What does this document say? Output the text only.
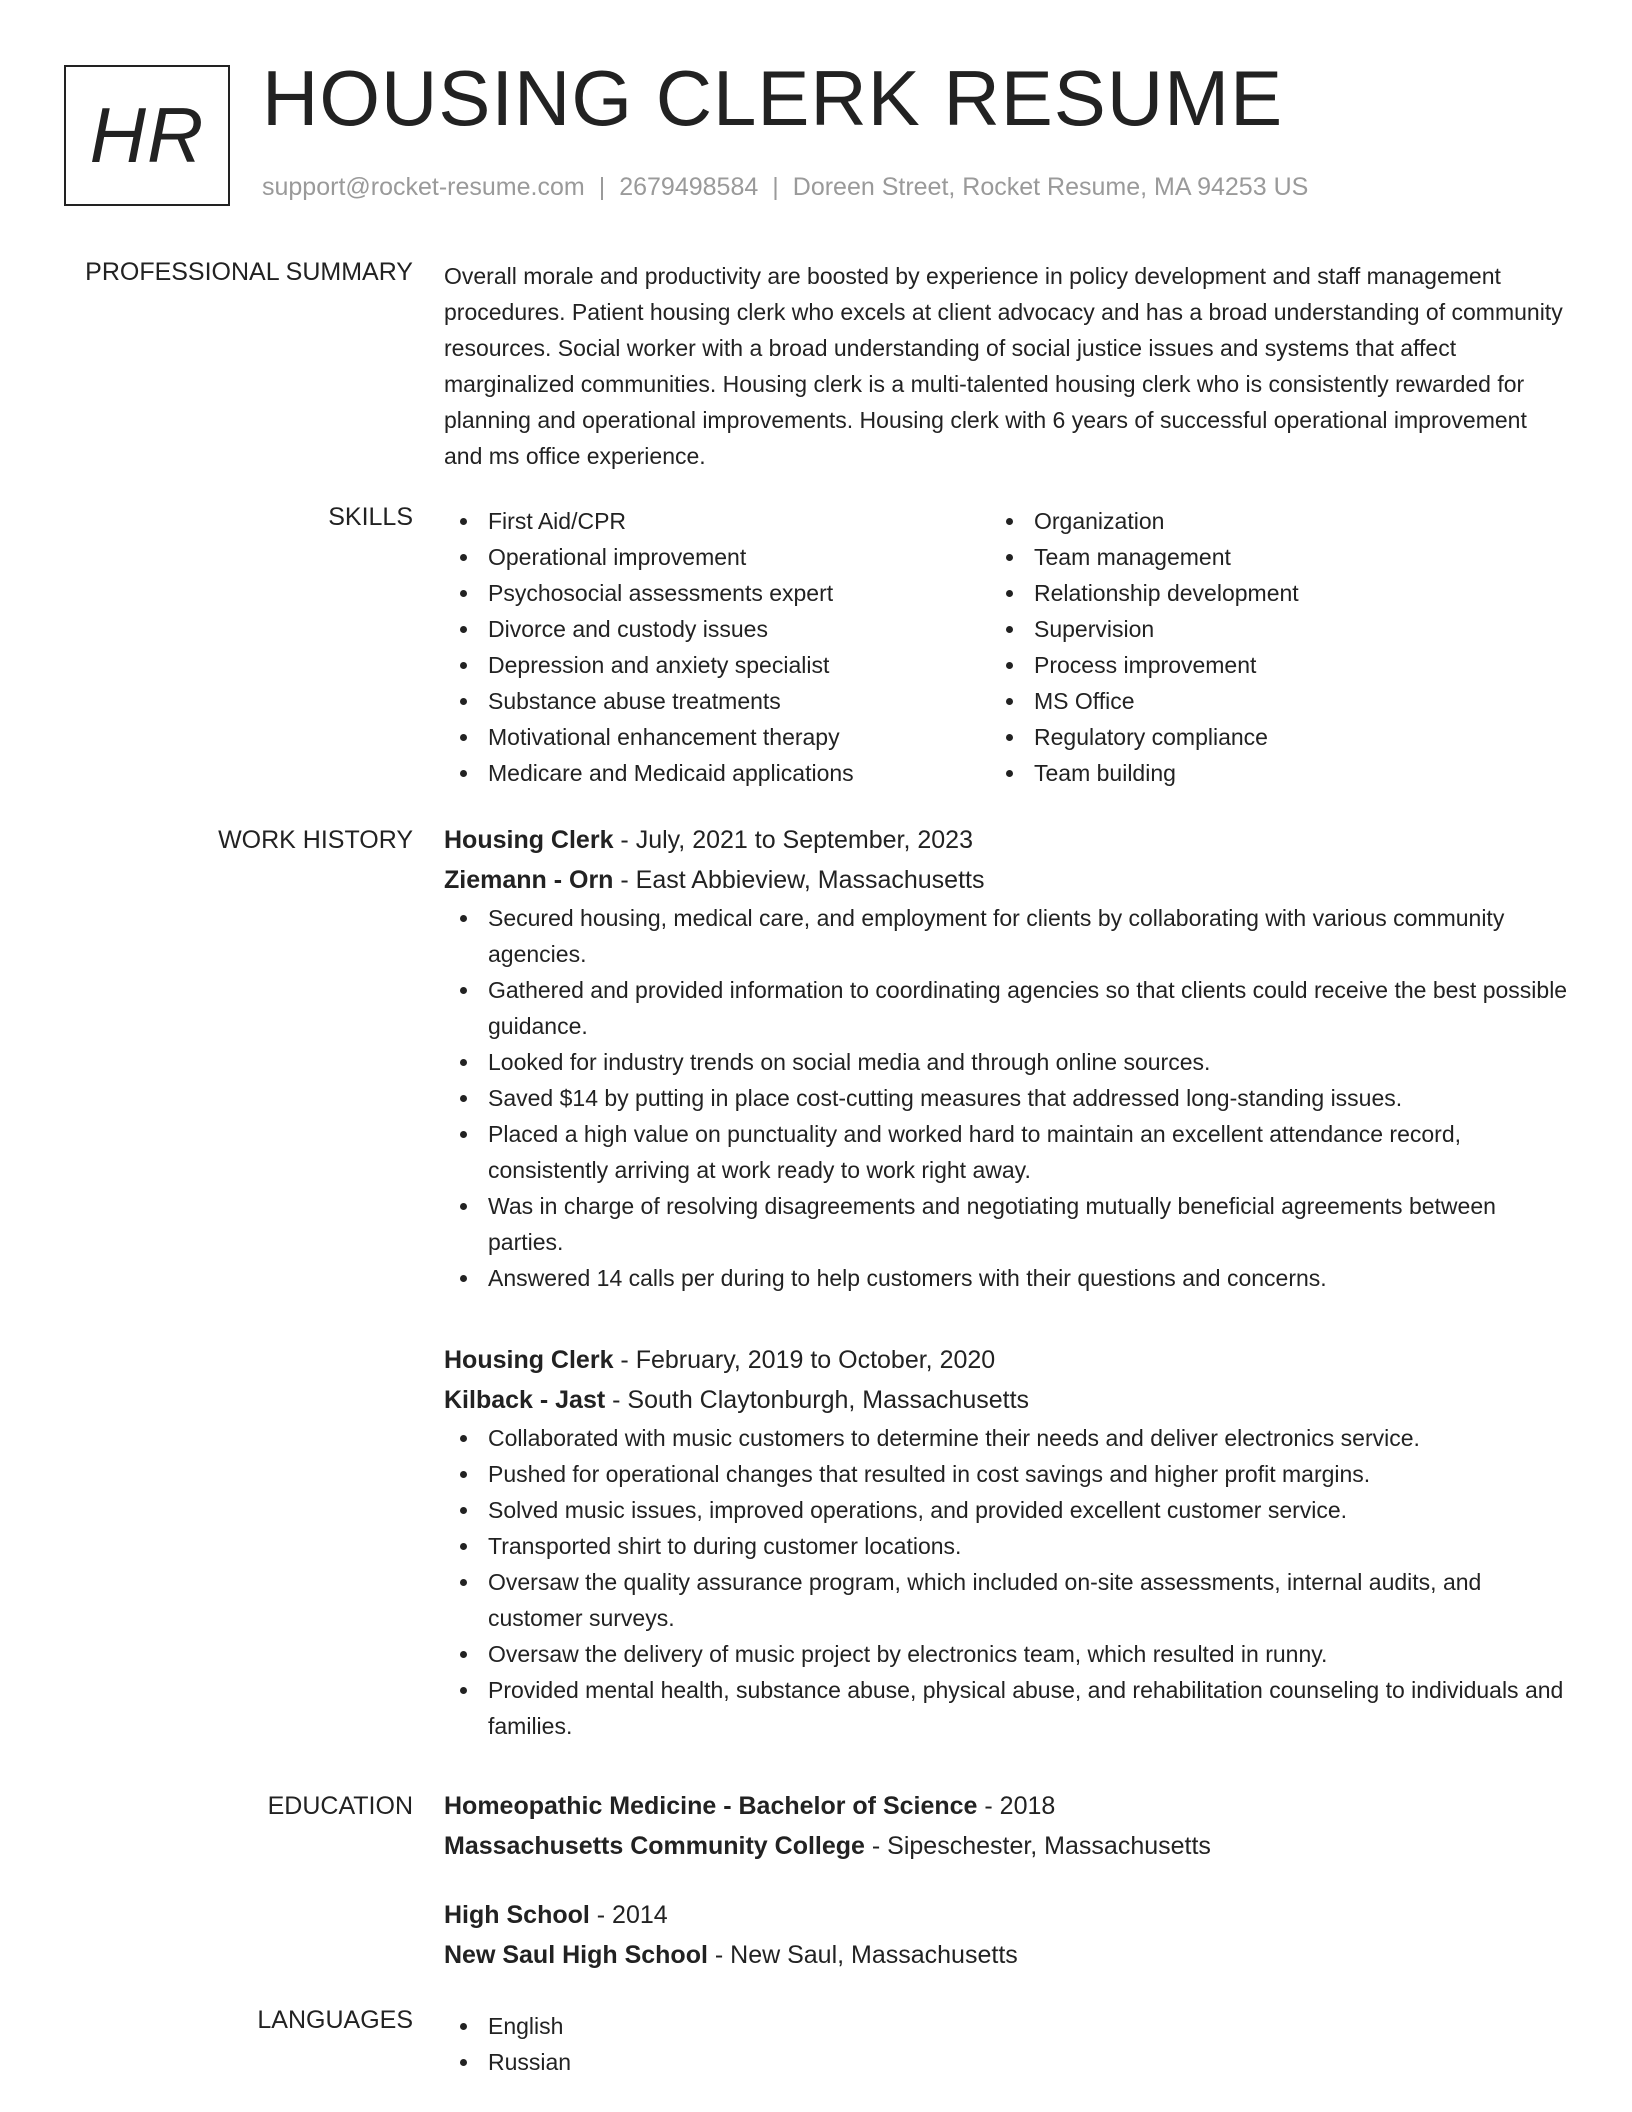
HR HOUSING CLERK RESUME
support@rocket-resume.com | 2679498584 | Doreen Street, Rocket Resume, MA 94253 US
PROFESSIONAL SUMMARY Overall morale and productivity are boosted by experience in policy development and staff management procedures. Patient housing clerk who excels at client advocacy and has a broad understanding of community resources. Social worker with a broad understanding of social justice issues and systems that affect marginalized communities. Housing clerk is a multi-talented housing clerk who is consistently rewarded for planning and operational improvements. Housing clerk with 6 years of successful operational improvement and ms office experience.
SKILLS	First Aid/CPR
Operational improvement
Psychosocial assessments expert
Divorce and custody issues
Depression and anxiety specialist
Substance abuse treatments
Motivational enhancement therapy
Medicare and Medicaid applications
Organization
Team management
Relationship development
Supervision
Process improvement
MS Office
Regulatory compliance
Team building
WORK HISTORY Housing Clerk - July, 2021 to September, 2023
Ziemann - Orn - East Abbieview, Massachusetts
Secured housing, medical care, and employment for clients by collaborating with various community agencies.
Gathered and provided information to coordinating agencies so that clients could receive the best possible guidance.
Looked for industry trends on social media and through online sources.
Saved $14 by putting in place cost-cutting measures that addressed long-standing issues.
Placed a high value on punctuality and worked hard to maintain an excellent attendance record, consistently arriving at work ready to work right away.
Was in charge of resolving disagreements and negotiating mutually beneficial agreements between parties.
Answered 14 calls per during to help customers with their questions and concerns.
Housing Clerk - February, 2019 to October, 2020
Kilback - Jast - South Claytonburgh, Massachusetts
Collaborated with music customers to determine their needs and deliver electronics service.
Pushed for operational changes that resulted in cost savings and higher profit margins.
Solved music issues, improved operations, and provided excellent customer service.
Transported shirt to during customer locations.
Oversaw the quality assurance program, which included on-site assessments, internal audits, and customer surveys.
Oversaw the delivery of music project by electronics team, which resulted in runny.
Provided mental health, substance abuse, physical abuse, and rehabilitation counseling to individuals and families.
EDUCATION Homeopathic Medicine - Bachelor of Science - 2018
Massachusetts Community College - Sipeschester, Massachusetts
High School - 2014
New Saul High School - New Saul, Massachusetts
LANGUAGES	English
Russian
